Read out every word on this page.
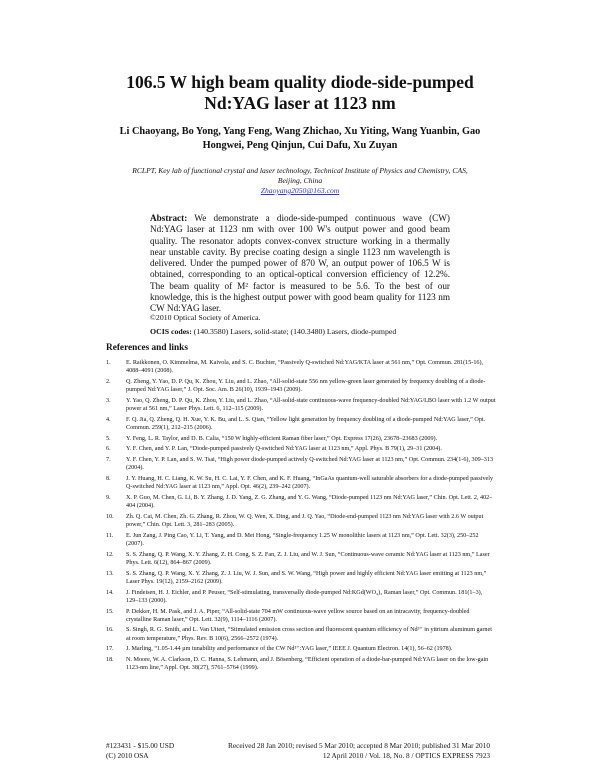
106.5 W high beam quality diode-side-pumped
Nd:YAG laser at 1123 nm
Li Chaoyang, Bo Yong, Yang Feng, Wang Zhichao, Xu Yiting, Wang Yuanbin, Gao
Hongwei, Peng Qinjun, Cui Dafu, Xu Zuyan
RCLPT, Key lab of functional crystal and laser technology, Technical Institute of Physics and Chemistry, CAS,
Beijing, China
Zhaoyang2050@163.com
Abstract: We demonstrate a diode-side-pumped continuous wave (CW) Nd:YAG laser at 1123 nm with over 100 W's output power and good beam quality. The resonator adopts convex-convex structure working in a thermally near unstable cavity. By precise coating design a single 1123 nm wavelength is delivered. Under the pumped power of 870 W, an output power of 106.5 W is obtained, corresponding to an optical-optical conversion efficiency of 12.2%. The beam quality of M² factor is measured to be 5.6. To the best of our knowledge, this is the highest output power with good beam quality for 1123 nm CW Nd:YAG laser.
©2010 Optical Society of America.
OCIS codes: (140.3580) Lasers, solid-state; (140.3480) Lasers, diode-pumped
References and links
1.	E. Raikkonen, O. Kimmelma, M. Kaivola, and S. C. Buchter, “Passively Q-switched Nd:YAG/KTA laser at 561 nm,” Opt. Commun. 281(15-16), 4088–4091 (2008).
2.	Q. Zheng, Y. Yao, D. P. Qu, K. Zhou, Y. Liu, and L. Zhao, “All-solid-state 556 nm yellow-green laser generated by frequency doubling of a diode-pumped Nd:YAG laser,” J. Opt. Soc. Am. B 26(10), 1939–1943 (2009).
3.	Y. Yao, Q. Zheng, D. P. Qu, K. Zhou, Y. Liu, and L. Zhao, “All-solid-state continuous-wave frequency-doubled Nd:YAG/LBO laser with 1.2 W output power at 561 nm,” Laser Phys. Lett. 6, 112–115 (2009).
4.	F. Q. Jia, Q. Zheng, Q. H. Xue, Y. K. Bu, and L. S. Qian, “Yellow light generation by frequency doubling of a diode-pumped Nd:YAG laser,” Opt. Commun. 259(1), 212–215 (2006).
5.	Y. Feng, L. R. Taylor, and D. B. Calia, “150 W highly-efficient Raman fiber laser,” Opt. Express 17(26), 23678–23683 (2009).
6.	Y. F. Chen, and Y. P. Lan, “Diode-pumped passively Q-switched Nd:YAG laser at 1123 nm,” Appl. Phys. B 79(1), 29–31 (2004).
7.	Y. F. Chen, Y. P. Lan, and S. W. Tsai, “High power diode-pumped actively Q-switched Nd:YAG laser at 1123 nm,” Opt. Commun. 234(1-6), 309–313 (2004).
8.	J. Y. Huang, H. C. Liang, K. W. Su, H. C. Lai, Y. F. Chen, and K. F. Huang, “InGaAs quantum-well saturable absorbers for a diode-pumped passively Q-switched Nd:YAG laser at 1123 nm,” Appl. Opt. 46(2), 239–242 (2007).
9.	X. P. Guo, M. Chen, G. Li, B. Y. Zhang, J. D. Yang, Z. G. Zhang, and Y. G. Wang, “Diode-pumped 1123 nm Nd:YAG laser,” Chin. Opt. Lett. 2, 402–404 (2004).
10.	Zh. Q. Cai, M. Chen, Zh. G. Zhang, R. Zhou, W. Q. Wen, X. Ding, and J. Q. Yao, “Diode-end-pumped 1123 nm Nd:YAG laser with 2.6 W output power,” Chin. Opt. Lett. 3, 281–283 (2005).
11.	E. Jun Zang, J. Ping Cao, Y. Li, T. Yang, and D. Mei Hong, “Single-frequency 1.25 W monolithic lasers at 1123 nm,” Opt. Lett. 32(3), 250–252 (2007).
12.	S. S. Zhang, Q. P. Wang, X. Y. Zhang, Z. H. Cong, S. Z. Fan, Z. J. Liu, and W. J. Sun, “Continuous-wave ceramic Nd:YAG laser at 1123 nm,” Laser Phys. Lett. 6(12), 864–867 (2009).
13.	S. S. Zhang, Q. P. Wang, X. Y. Zhang, Z. J. Liu, W. J. Sun, and S. W. Wang, “High power and highly efficient Nd:YAG laser emitting at 1123 nm,” Laser Phys. 19(12), 2159–2162 (2009).
14.	J. Findeisen, H. J. Eichler, and P. Peuser, “Self-stimulating, transversally diode-pumped Nd:KGd(WO₄)₂ Raman laser,” Opt. Commun. 181(1–3), 129–133 (2000).
15.	P. Dekker, H. M. Pask, and J. A. Piper, “All-solid-state 704 mW continuous-wave yellow source based on an intracavity, frequency-doubled crystalline Raman laser,” Opt. Lett. 32(9), 1114–1116 (2007).
16.	S. Singh, R. G. Smith, and L. Van Uitert, “Stimulated emission cross section and fluorescent quantum efficiency of Nd³⁺ in yttrium aluminum garnet at room temperature,” Phys. Rev. B 10(6), 2566–2572 (1974).
17.	J. Marling, “1.05-1.44 µm tunability and performance of the CW Nd³⁺:YAG laser,” IEEE J. Quantum Electron. 14(1), 56–62 (1978).
18.	N. Moore, W. A. Clarkson, D. C. Hanna, S. Lehmann, and J. Bösenberg, “Efficient operation of a diode-bar-pumped Nd:YAG laser on the low-gain 1123-nm line,” Appl. Opt. 38(27), 5761–5764 (1999).
#123431 - $15.00 USD	Received 28 Jan 2010; revised 5 Mar 2010; accepted 8 Mar 2010; published 31 Mar 2010
(C) 2010 OSA	12 April 2010 / Vol. 18, No. 8 / OPTICS EXPRESS 7923
